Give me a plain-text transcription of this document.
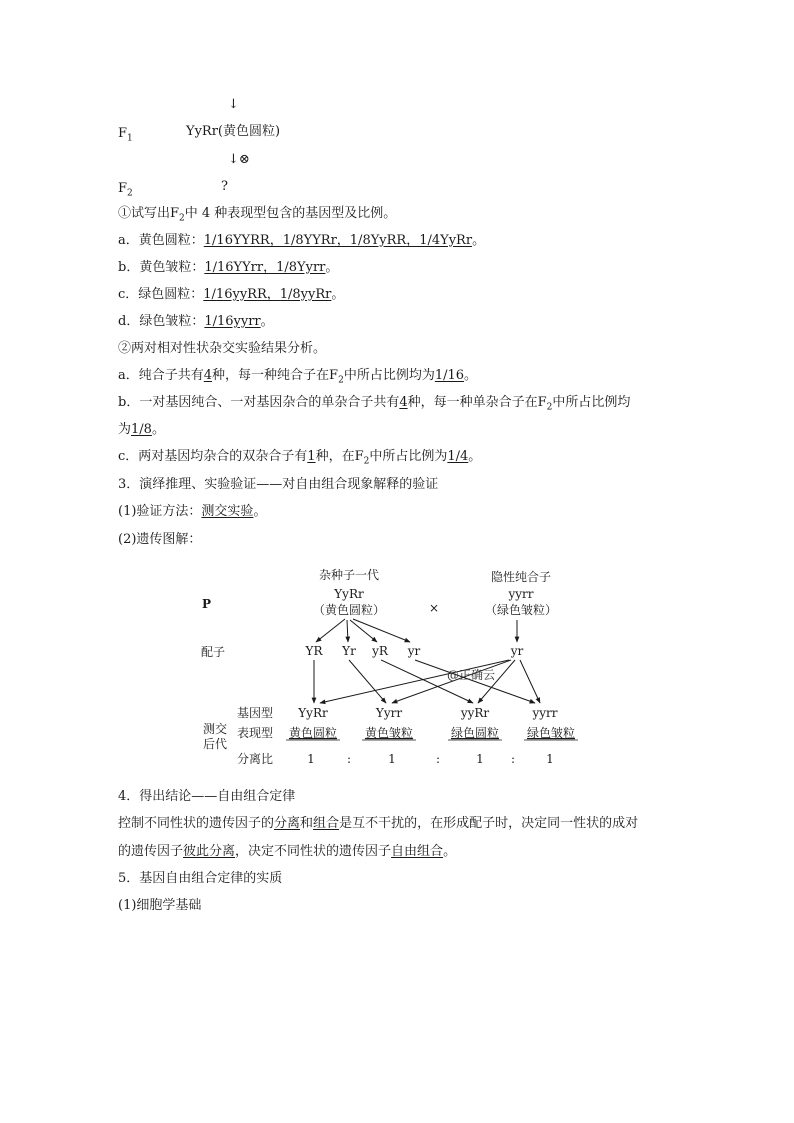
↓
$F_1$	YyRr(黄色圆粒)
↓⊗
$F_2$	?
①试写出$F_2$中 4 种表现型包含的基因型及比例。
a．黄色圆粒：1/16YYRR，1/8YYRr，1/8YyRR，1/4YyRr。
b．黄色皱粒：1/16YYrr，1/8Yyrr。
c．绿色圆粒：1/16yyRR，1/8yyRr。
d．绿色皱粒：1/16yyrr。
②两对相对性状杂交实验结果分析。
a．纯合子共有4种，每一种纯合子在$F_2$中所占比例均为1/16。
b．一对基因纯合、一对基因杂合的单杂合子共有4种，每一种单杂合子在$F_2$中所占比例均
为1/8。
c．两对基因均杂合的双杂合子有1种，在$F_2$中所占比例为1/4。
3．演绎推理、实验验证——对自由组合现象解释的验证
(1)验证方法：测交实验。
(2)遗传图解：
P
配子
测交
后代
杂种子一代
YyRr
（黄色圆粒）	×
隐性纯合子
yyrr
（绿色皱粒）
YR Yr yR yr	yr
@正确云
基因型
表现型
分离比
YyRr	Yyrr	yyRr	yyrr
黄色圆粒 黄色皱粒	绿色圆粒 绿色皱粒
1	:	1	:	1 :	1
4．得出结论——自由组合定律
控制不同性状的遗传因子的分离和组合是互不干扰的，在形成配子时，决定同一性状的成对
的遗传因子彼此分离，决定不同性状的遗传因子自由组合。
5．基因自由组合定律的实质
(1)细胞学基础
